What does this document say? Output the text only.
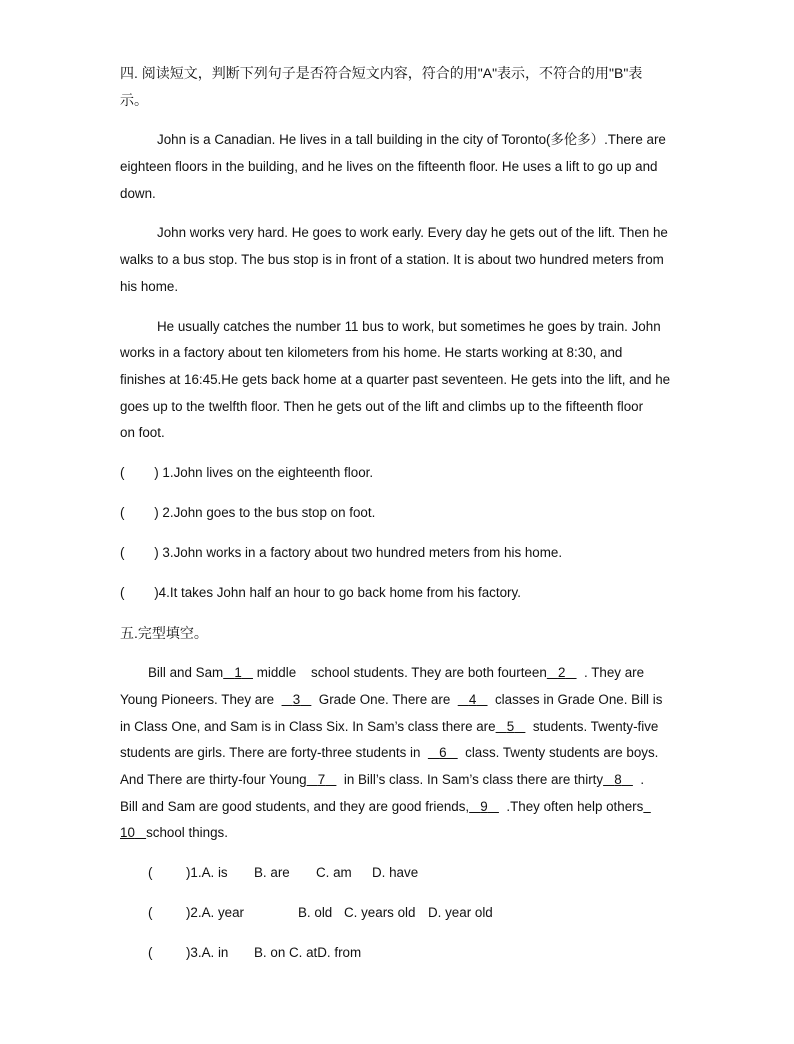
四. 阅读短文，判断下列句子是否符合短文内容，符合的用"A"表示，不符合的用"B"表
示。
John is a Canadian. He lives in a tall building in the city of Toronto(多伦多）.There are
eighteen floors in the building, and he lives on the fifteenth floor. He uses a lift to go up and
down.
John works very hard. He goes to work early. Every day he gets out of the lift. Then he
walks to a bus stop. The bus stop is in front of a station. It is about two hundred meters from
his home.
He usually catches the number 11 bus to work, but sometimes he goes by train. John
works in a factory about ten kilometers from his home. He starts working at 8:30, and
finishes at 16:45.He gets back home at a quarter past seventeen. He gets into the lift, and he
goes up to the twelfth floor. Then he gets out of the lift and climbs up to the fifteenth floor
on foot.
(        ) 1.John lives on the eighteenth floor.
(        ) 2.John goes to the bus stop on foot.
(        ) 3.John works in a factory about two hundred meters from his home.
(        )4.It takes John half an hour to go back home from his factory.
五.完型填空。
Bill and Sam 1    middle    school students. They are both fourteen 2     . They are
Young Pioneers. They are     3     Grade One. There are     4     classes in Grade One. Bill is
in Class One, and Sam is in Class Six. In Sam’s class there are 5     students. Twenty-five
students are girls. There are forty-three students in     6     class. Twenty students are boys.
And There are thirty-four Young 7     in Bill’s class. In Sam’s class there are thirty 8     .
Bill and Sam are good students, and they are good friends, 9     .They often help others
10 school things.
(         )1.A. is B. are C. am D. have
(         )2.A. year	B. old C. years old D. year old
(         )3.A. in B. on C. atD. from
